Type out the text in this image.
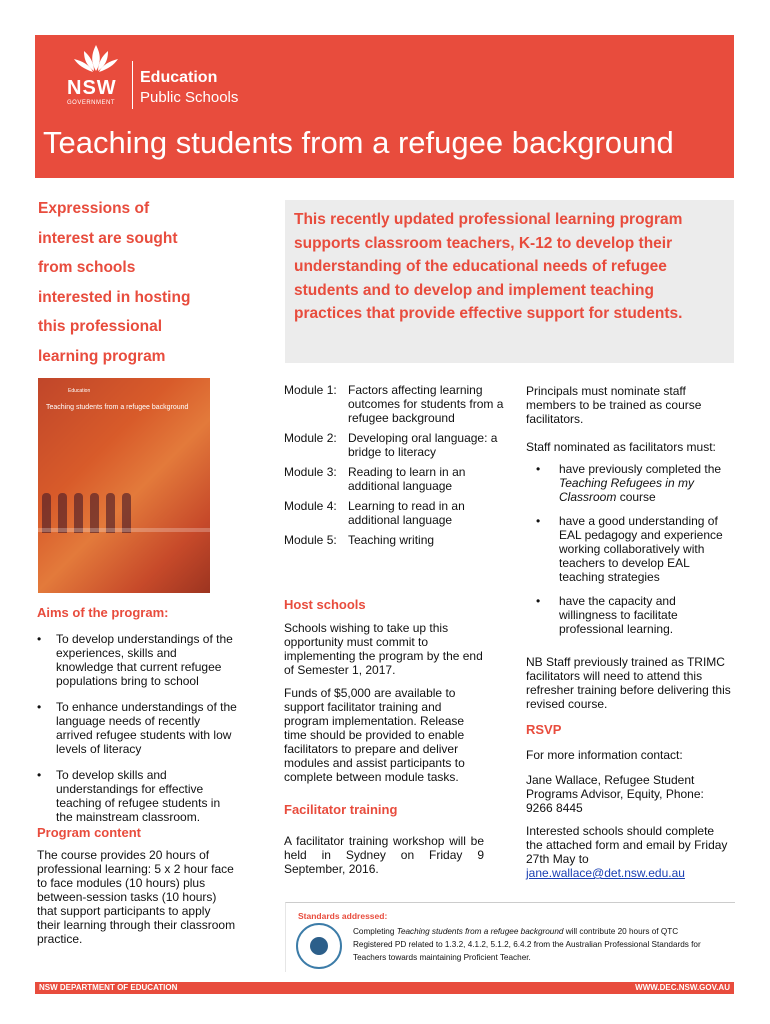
NSW
GOVERNMENT
Education
Public Schools
Teaching students from a refugee background
Expressions of
interest are sought
from schools
interested in hosting
this professional
learning program
This recently updated professional learning program supports classroom teachers, K-12 to develop their understanding of the educational needs of refugee students and to develop and implement teaching practices that provide effective support for students.
Education
Teaching students from a refugee background
Module 1: Factors affecting learning outcomes for students from a refugee background
Module 2: Developing oral language: a bridge to literacy
Module 3: Reading to learn in an additional language
Module 4: Learning to read in an additional language
Module 5: Teaching writing
Aims of the program:
• To develop understandings of the experiences, skills and knowledge that current refugee populations bring to school
• To enhance understandings of the language needs of recently arrived refugee students with low levels of literacy
• To develop skills and understandings for effective teaching of refugee students in the mainstream classroom.
Program content
The course provides 20 hours of professional learning: 5 x 2 hour face to face modules (10 hours) plus between-session tasks (10 hours) that support participants to apply their learning through their classroom practice.
Host schools
Schools wishing to take up this opportunity must commit to implementing the program by the end of Semester 1, 2017.
Funds of $5,000 are available to support facilitator training and program implementation. Release time should be provided to enable facilitators to prepare and deliver modules and assist participants to complete between module tasks.
Facilitator training
A facilitator training workshop will be held in Sydney on Friday 9 September, 2016.
Principals must nominate staff members to be trained as course facilitators.
Staff nominated as facilitators must:
• have previously completed the Teaching Refugees in my Classroom course
• have a good understanding of EAL pedagogy and experience working collaboratively with teachers to develop EAL teaching strategies
• have the capacity and willingness to facilitate professional learning.
NB Staff previously trained as TRIMC facilitators will need to attend this refresher training before delivering this revised course.
RSVP
For more information contact:
Jane Wallace, Refugee Student Programs Advisor, Equity, Phone: 9266 8445
Interested schools should complete the attached form and email by Friday 27th May to jane.wallace@det.nsw.edu.au
Standards addressed:
Completing Teaching students from a refugee background will contribute 20 hours of QTC Registered PD related to 1.3.2, 4.1.2, 5.1.2, 6.4.2 from the Australian Professional Standards for Teachers towards maintaining Proficient Teacher.
NSW DEPARTMENT OF EDUCATION	WWW.DEC.NSW.GOV.AU
